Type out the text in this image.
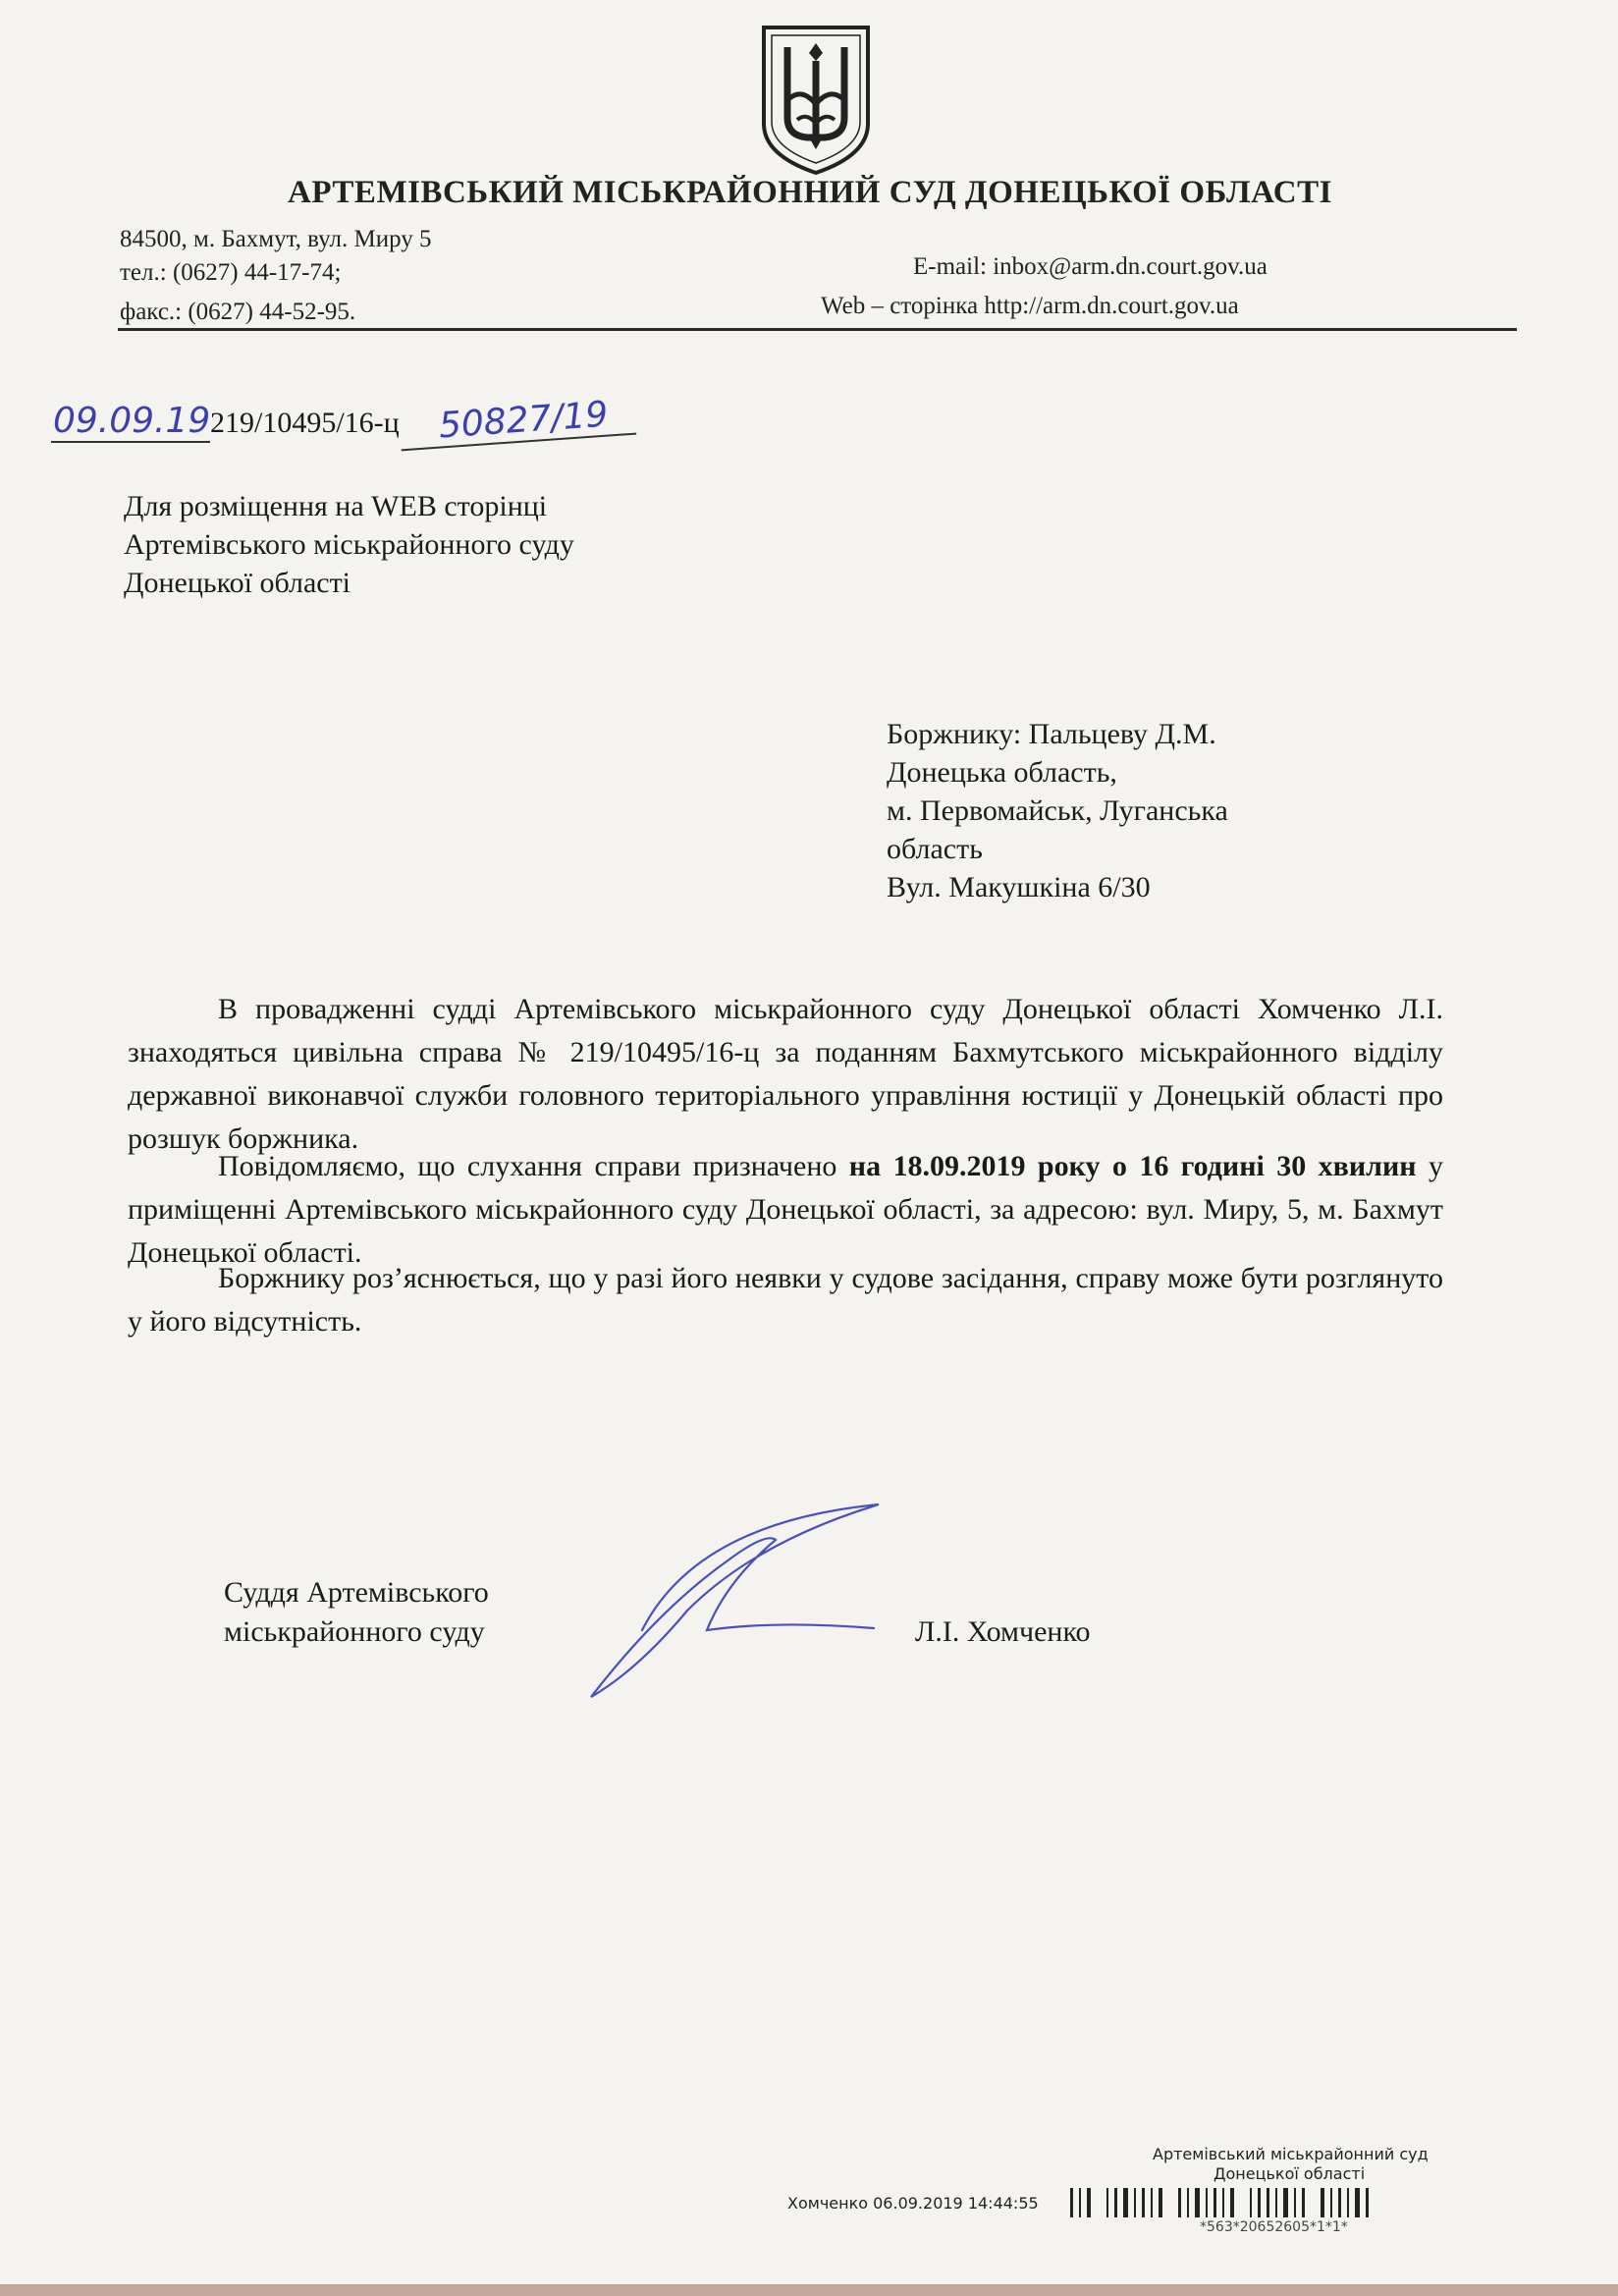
АРТЕМІВСЬКИЙ МІСЬКРАЙОННИЙ СУД ДОНЕЦЬКОЇ ОБЛАСТІ
84500, м. Бахмут, вул. Миру 5
тел.: (0627) 44-17-74;
факс.: (0627) 44-52-95.
E-mail: inbox@arm.dn.court.gov.ua
Web – сторінка http://arm.dn.court.gov.ua
09.09.19219/10495/16-ц 50827/19
Для розміщення на WEB сторінці
Артемівського міськрайонного суду
Донецької області
Боржнику: Пальцеву Д.М.
Донецька область,
м. Первомайськ, Луганська
область
Вул. Макушкіна 6/30
В провадженні судді Артемівського міськрайонного суду Донецької області Хомченко Л.І. знаходяться цивільна справа № 219/10495/16-ц за поданням Бахмутського міськрайонного відділу державної виконавчої служби головного територіального управління юстиції у Донецькій області про розшук боржника.
Повідомляємо, що слухання справи призначено на 18.09.2019 року о 16 годині 30 хвилин у приміщенні Артемівського міськрайонного суду Донецької області, за адресою: вул. Миру, 5, м. Бахмут Донецької області.
Боржнику роз’яснюється, що у разі його неявки у судове засідання, справу може бути розглянуто у його відсутність.
Суддя Артемівського
міськрайонного суду	Л.І. Хомченко
Артемівський міськрайонний суд
Донецької області
Хомченко 06.09.2019 14:44:55
*563*20652605*1*1*
